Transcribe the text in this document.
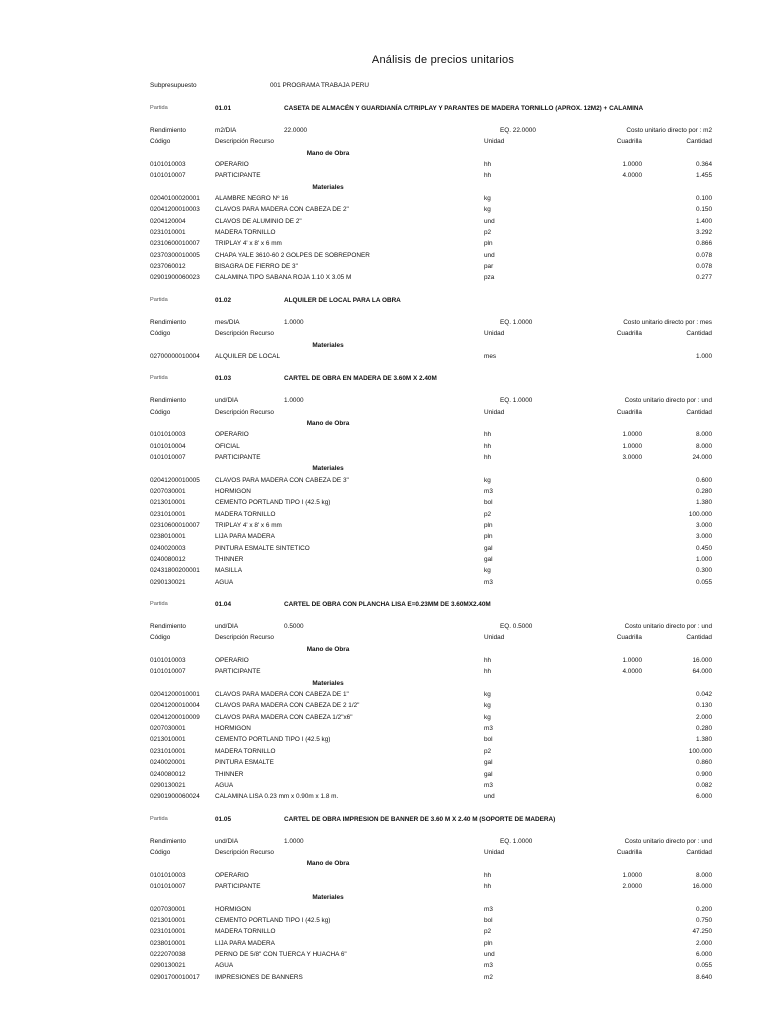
Análisis de precios unitarios
Subpresupuesto	001 PROGRAMA TRABAJA PERU
Partida	01.01	CASETA DE ALMACÉN Y GUARDIANÍA C/TRIPLAY Y PARANTES DE MADERA TORNILLO (APROX. 12M2) + CALAMINA
Rendimiento	m2/DIA	22.0000	EQ. 22.0000	Costo unitario directo por : m2
Código	Descripción Recurso	Unidad	Cuadrilla	Cantidad
Mano de Obra
0101010003	OPERARIO	hh	1.0000	0.364
0101010007	PARTICIPANTE	hh	4.0000	1.455
Materiales
02040100020001 ALAMBRE NEGRO Nº 16	kg	0.100
02041200010003 CLAVOS PARA MADERA CON CABEZA DE 2"	kg	0.150
0204120004	CLAVOS DE ALUMINIO DE 2"	und	1.400
0231010001	MADERA TORNILLO	p2	3.292
02310600010007 TRIPLAY 4' x 8' x 6 mm	pln	0.866
02370300010005 CHAPA YALE 3610-60 2 GOLPES DE SOBREPONER	und	0.078
0237060012	BISAGRA DE FIERRO DE 3"	par	0.078
02901900060023 CALAMINA TIPO SABANA ROJA 1.10 X 3.05 M	pza	0.277
Partida	01.02	ALQUILER DE LOCAL PARA LA OBRA
Rendimiento	mes/DIA	1.0000	EQ. 1.0000	Costo unitario directo por : mes
Código	Descripción Recurso	Unidad	Cuadrilla	Cantidad
Materiales
02700000010004 ALQUILER DE LOCAL	mes	1.000
Partida	01.03	CARTEL DE OBRA EN MADERA DE 3.60M X 2.40M
Rendimiento	und/DIA	1.0000	EQ. 1.0000	Costo unitario directo por : und
Código	Descripción Recurso	Unidad	Cuadrilla	Cantidad
Mano de Obra
0101010003	OPERARIO	hh	1.0000	8.000
0101010004	OFICIAL	hh	1.0000	8.000
0101010007	PARTICIPANTE	hh	3.0000	24.000
Materiales
02041200010005 CLAVOS PARA MADERA CON CABEZA DE 3"	kg	0.600
0207030001	HORMIGON	m3	0.280
0213010001	CEMENTO PORTLAND TIPO I (42.5 kg)	bol	1.380
0231010001	MADERA TORNILLO	p2	100.000
02310600010007 TRIPLAY 4' x 8' x 6 mm	pln	3.000
0238010001	LIJA PARA MADERA	pln	3.000
0240020003	PINTURA ESMALTE SINTETICO	gal	0.450
0240080012	THINNER	gal	1.000
02431800200001 MASILLA	kg	0.300
0290130021	AGUA	m3	0.055
Partida	01.04	CARTEL DE OBRA CON PLANCHA LISA E=0.23MM DE 3.60MX2.40M
Rendimiento	und/DIA	0.5000	EQ. 0.5000	Costo unitario directo por : und
Código	Descripción Recurso	Unidad	Cuadrilla	Cantidad
Mano de Obra
0101010003	OPERARIO	hh	1.0000	16.000
0101010007	PARTICIPANTE	hh	4.0000	64.000
Materiales
02041200010001 CLAVOS PARA MADERA CON CABEZA DE 1"	kg	0.042
02041200010004 CLAVOS PARA MADERA CON CABEZA DE 2 1/2"	kg	0.130
02041200010009 CLAVOS PARA MADERA CON CABEZA 1/2"x6"	kg	2.000
0207030001	HORMIGON	m3	0.280
0213010001	CEMENTO PORTLAND TIPO I (42.5 kg)	bol	1.380
0231010001	MADERA TORNILLO	p2	100.000
0240020001	PINTURA ESMALTE	gal	0.860
0240080012	THINNER	gal	0.900
0290130021	AGUA	m3	0.082
02901900060024 CALAMINA LISA 0.23 mm x 0.90m x 1.8 m.	und	6.000
Partida	01.05	CARTEL DE OBRA IMPRESION DE BANNER DE 3.60 M X 2.40 M (SOPORTE DE MADERA)
Rendimiento	und/DIA	1.0000	EQ. 1.0000	Costo unitario directo por : und
Código	Descripción Recurso	Unidad	Cuadrilla	Cantidad
Mano de Obra
0101010003	OPERARIO	hh	1.0000	8.000
0101010007	PARTICIPANTE	hh	2.0000	16.000
Materiales
0207030001	HORMIGON	m3	0.200
0213010001	CEMENTO PORTLAND TIPO I (42.5 kg)	bol	0.750
0231010001	MADERA TORNILLO	p2	47.250
0238010001	LIJA PARA MADERA	pln	2.000
0222070038	PERNO DE 5/8" CON TUERCA Y HUACHA 6"	und	6.000
0290130021	AGUA	m3	0.055
02901700010017 IMPRESIONES DE BANNERS	m2	8.640
